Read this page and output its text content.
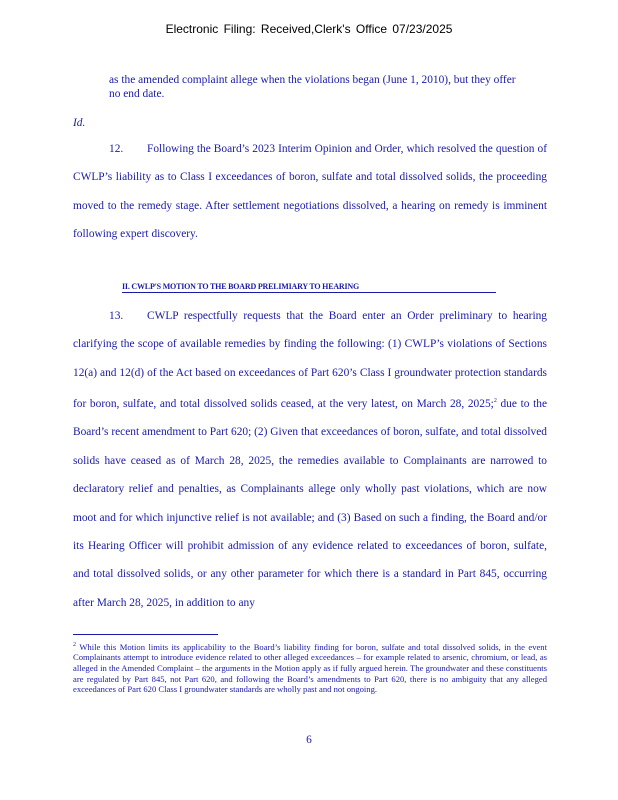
Electronic Filing: Received,Clerk's Office 07/23/2025
as the amended complaint allege when the violations began (June 1, 2010), but they offer no end date.
Id.
12. Following the Board’s 2023 Interim Opinion and Order, which resolved the question of CWLP’s liability as to Class I exceedances of boron, sulfate and total dissolved solids, the proceeding moved to the remedy stage. After settlement negotiations dissolved, a hearing on remedy is imminent following expert discovery.
II. CWLP'S MOTION TO THE BOARD PRELIMIARY TO HEARING
13. CWLP respectfully requests that the Board enter an Order preliminary to hearing clarifying the scope of available remedies by finding the following: (1) CWLP’s violations of Sections 12(a) and 12(d) of the Act based on exceedances of Part 620’s Class I groundwater protection standards for boron, sulfate, and total dissolved solids ceased, at the very latest, on March 28, 2025;$^2$ due to the Board’s recent amendment to Part 620; (2) Given that exceedances of boron, sulfate, and total dissolved solids have ceased as of March 28, 2025, the remedies available to Complainants are narrowed to declaratory relief and penalties, as Complainants allege only wholly past violations, which are now moot and for which injunctive relief is not available; and (3) Based on such a finding, the Board and/or its Hearing Officer will prohibit admission of any evidence related to exceedances of boron, sulfate, and total dissolved solids, or any other parameter for which there is a standard in Part 845, occurring after March 28, 2025, in addition to any
$^2$ While this Motion limits its applicability to the Board’s liability finding for boron, sulfate and total dissolved solids, in the event Complainants attempt to introduce evidence related to other alleged exceedances – for example related to arsenic, chromium, or lead, as alleged in the Amended Complaint – the arguments in the Motion apply as if fully argued herein. The groundwater and these constituents are regulated by Part 845, not Part 620, and following the Board’s amendments to Part 620, there is no ambiguity that any alleged exceedances of Part 620 Class I groundwater standards are wholly past and not ongoing.
6
